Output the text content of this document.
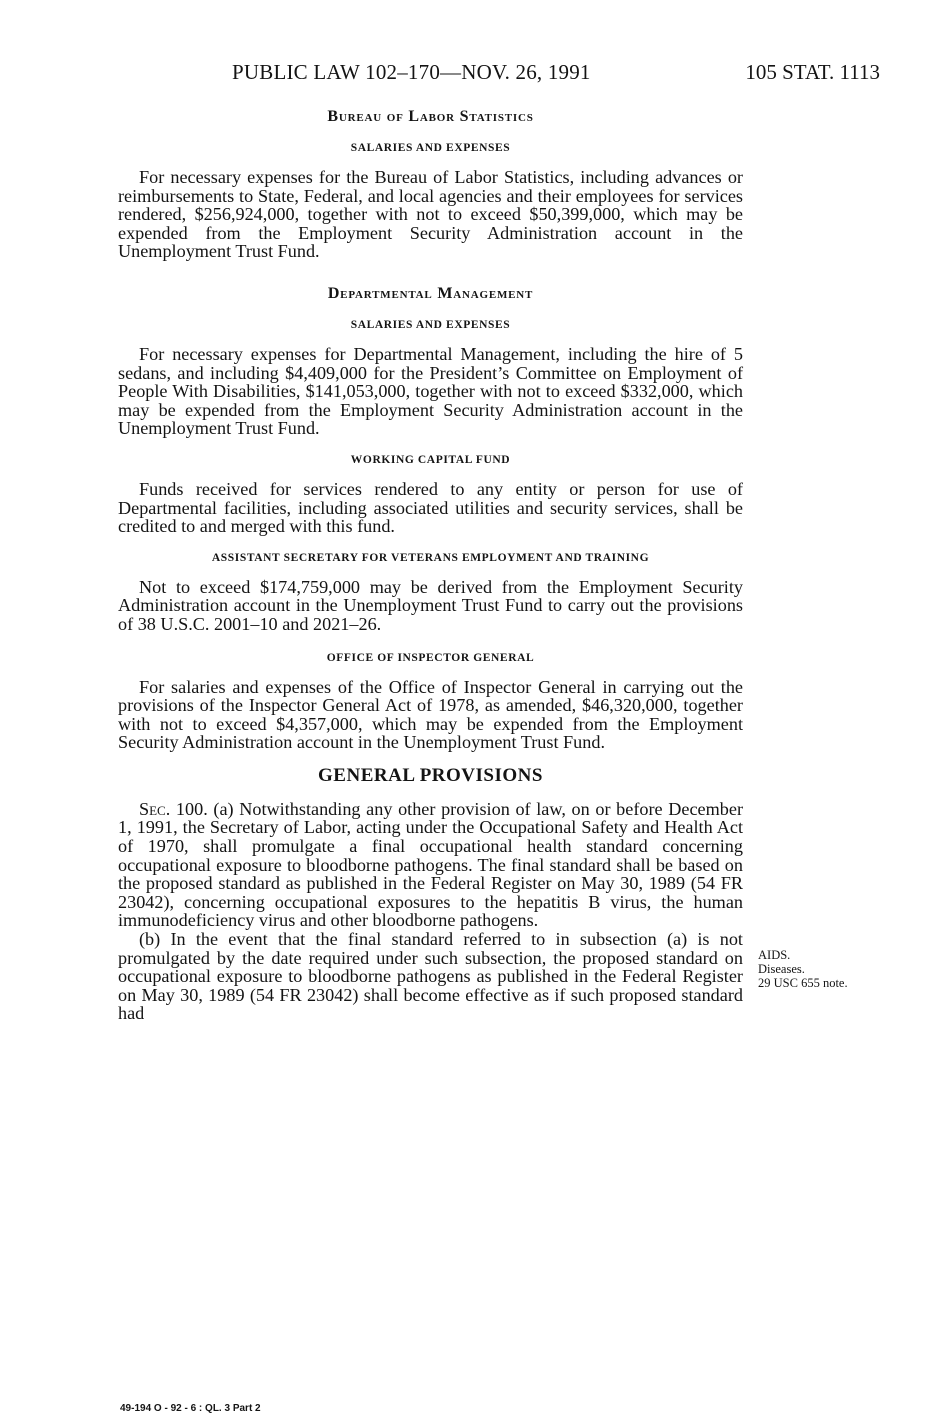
PUBLIC LAW 102–170—NOV. 26, 1991	105 STAT. 1113
Bureau of Labor Statistics
SALARIES AND EXPENSES

For necessary expenses for the Bureau of Labor Statistics, including advances or reimbursements to State, Federal, and local agencies and their employees for services rendered, $256,924,000, together with not to exceed $50,399,000, which may be expended from the Employment Security Administration account in the Unemployment Trust Fund.

Departmental Management
SALARIES AND EXPENSES

For necessary expenses for Departmental Management, including the hire of 5 sedans, and including $4,409,000 for the President’s Committee on Employment of People With Disabilities, $141,053,000, together with not to exceed $332,000, which may be expended from the Employment Security Administration account in the Unemployment Trust Fund.

WORKING CAPITAL FUND

Funds received for services rendered to any entity or person for use of Departmental facilities, including associated utilities and security services, shall be credited to and merged with this fund.

ASSISTANT SECRETARY FOR VETERANS EMPLOYMENT AND TRAINING

Not to exceed $174,759,000 may be derived from the Employment Security Administration account in the Unemployment Trust Fund to carry out the provisions of 38 U.S.C. 2001–10 and 2021–26.

OFFICE OF INSPECTOR GENERAL

For salaries and expenses of the Office of Inspector General in carrying out the provisions of the Inspector General Act of 1978, as amended, $46,320,000, together with not to exceed $4,357,000, which may be expended from the Employment Security Administration account in the Unemployment Trust Fund.

GENERAL PROVISIONS

Sec. 100. (a) Notwithstanding any other provision of law, on or before December 1, 1991, the Secretary of Labor, acting under the Occupational Safety and Health Act of 1970, shall promulgate a final occupational health standard concerning occupational exposure to bloodborne pathogens. The final standard shall be based on the proposed standard as published in the Federal Register on May 30, 1989 (54 FR 23042), concerning occupational exposures to the hepatitis B virus, the human immunodeficiency virus and other bloodborne pathogens.

(b) In the event that the final standard referred to in subsection (a) is not promulgated by the date required under such subsection, the proposed standard on occupational exposure to bloodborne pathogens as published in the Federal Register on May 30, 1989 (54 FR 23042) shall become effective as if such proposed standard had

AIDS.
Diseases.
29 USC 655 note.
49-194 O - 92 - 6 : QL. 3 Part 2
